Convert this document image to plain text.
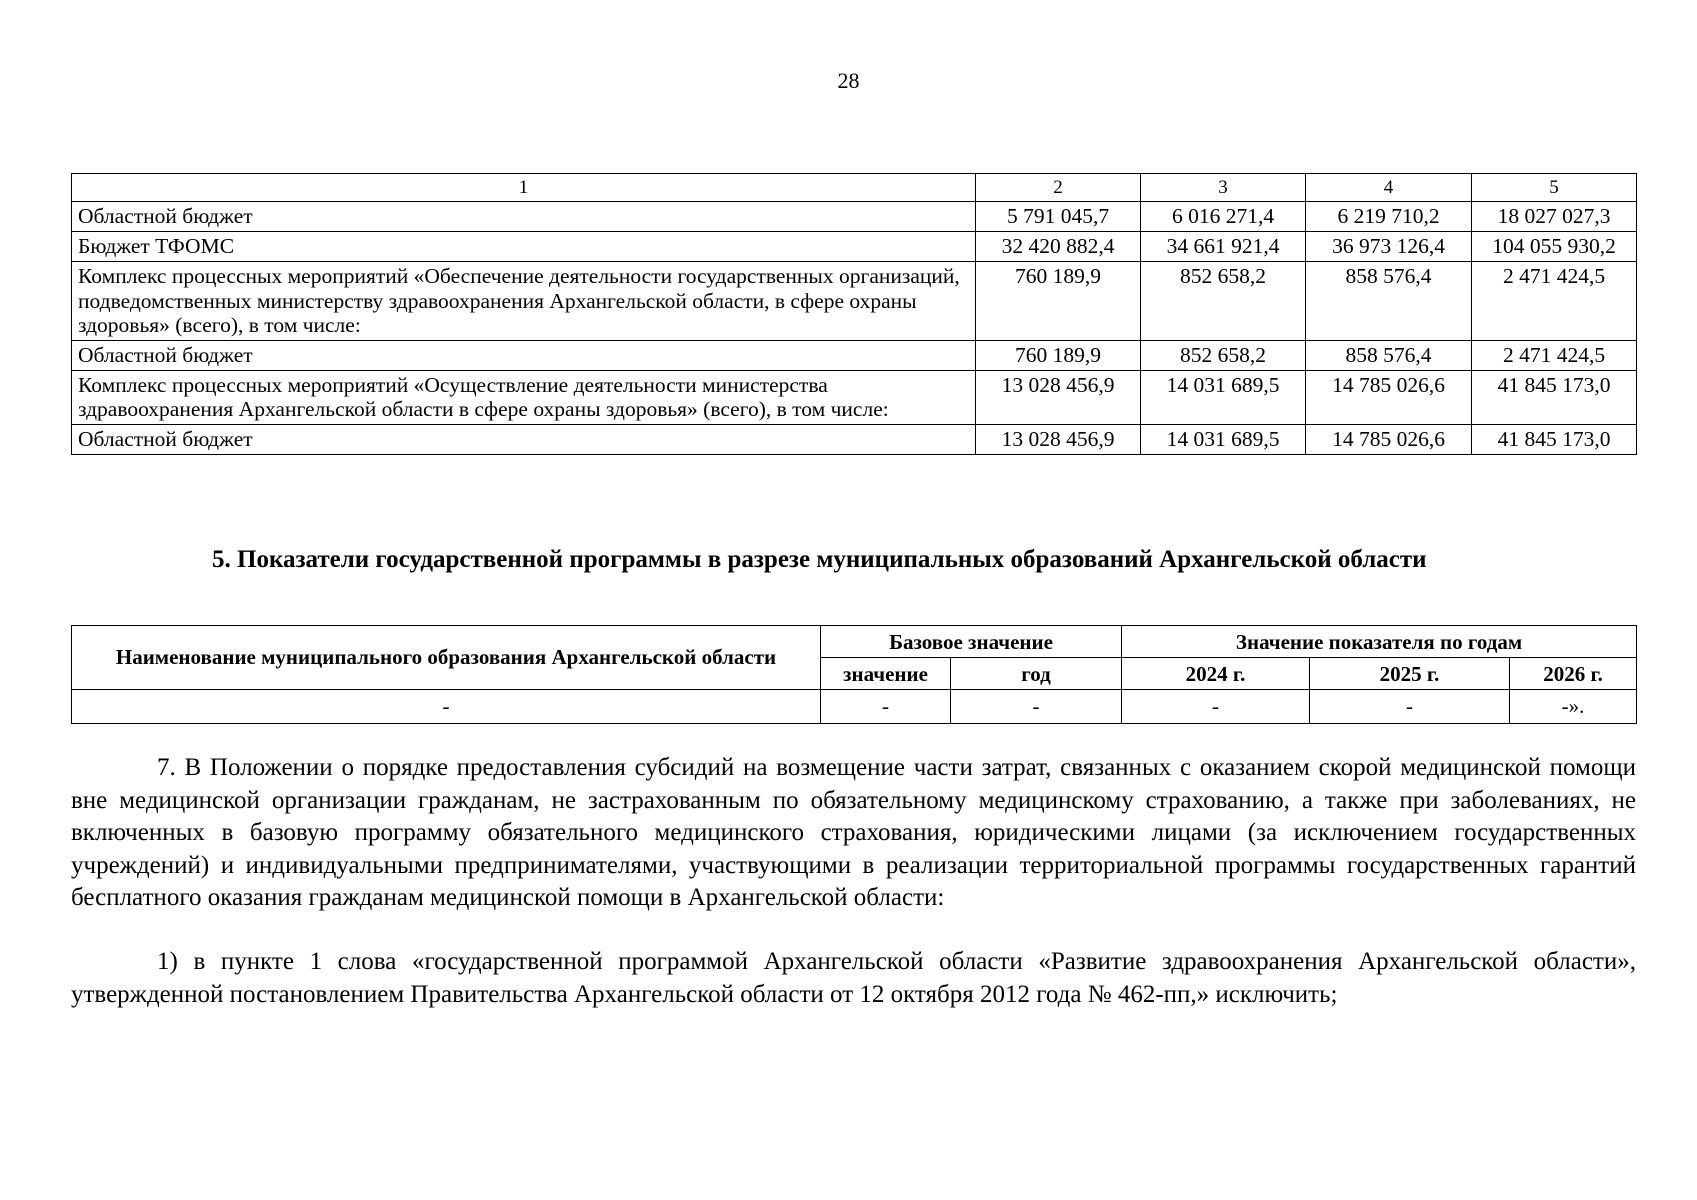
28
1	2	3	4	5
Областной бюджет	5 791 045,7	6 016 271,4	6 219 710,2	18 027 027,3
Бюджет ТФОМС	32 420 882,4	34 661 921,4	36 973 126,4	104 055 930,2
Комплекс процессных мероприятий «Обеспечение деятельности государственных организаций, подведомственных министерству здравоохранения Архангельской области, в сфере охраны здоровья» (всего), в том числе:	760 189,9	852 658,2	858 576,4	2 471 424,5
Областной бюджет	760 189,9	852 658,2	858 576,4	2 471 424,5
Комплекс процессных мероприятий «Осуществление деятельности министерства здравоохранения Архангельской области в сфере охраны здоровья» (всего), в том числе:	13 028 456,9	14 031 689,5	14 785 026,6	41 845 173,0
Областной бюджет	13 028 456,9	14 031 689,5	14 785 026,6	41 845 173,0
5. Показатели государственной программы в разрезе муниципальных образований Архангельской области
Наименование муниципального образования Архангельской области	Базовое значение		Значение показателя по годам		
	значение	год	2024 г.	2025 г.	2026 г.
-	-	-	-	-	-».

7. В Положении о порядке предоставления субсидий на возмещение части затрат, связанных с оказанием скорой медицинской помощи вне медицинской организации гражданам, не застрахованным по обязательному медицинскому страхованию, а также при заболеваниях, не включенных в базовую программу обязательного медицинского страхования, юридическими лицами (за исключением государственных учреждений) и индивидуальными предпринимателями, участвующими в реализации территориальной программы государственных гарантий бесплатного оказания гражданам медицинской помощи в Архангельской области:

1) в пункте 1 слова «государственной программой Архангельской области «Развитие здравоохранения Архангельской области», утвержденной постановлением Правительства Архангельской области от 12 октября 2012 года № 462-пп,» исключить;
